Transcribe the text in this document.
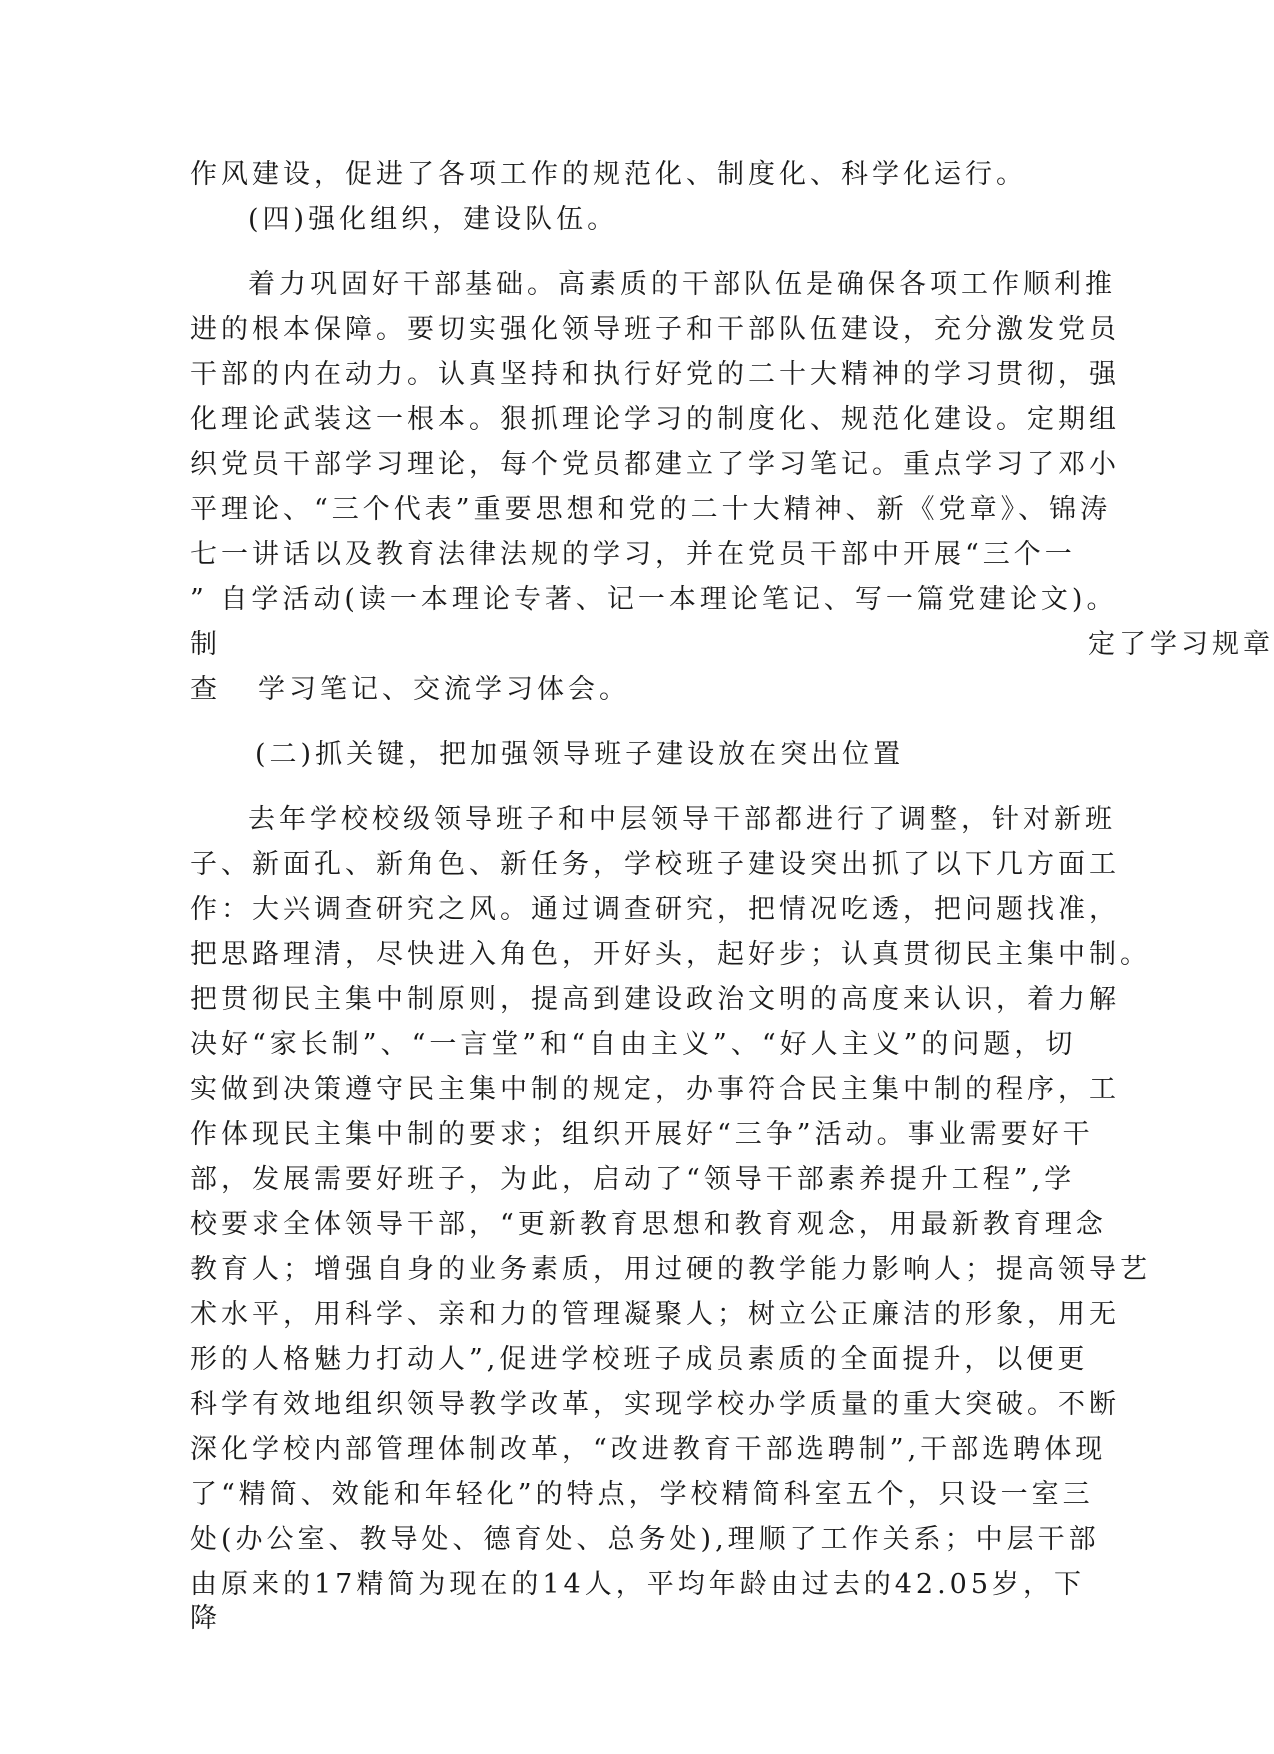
作风建设，促进了各项工作的规范化、制度化、科学化运行。
(四)强化组织，建设队伍。
着力巩固好干部基础。高素质的干部队伍是确保各项工作顺利推
进的根本保障。要切实强化领导班子和干部队伍建设，充分激发党员
干部的内在动力。认真坚持和执行好党的二十大精神的学习贯彻，强
化理论武装这一根本。狠抓理论学习的制度化、规范化建设。定期组
织党员干部学习理论，每个党员都建立了学习笔记。重点学习了邓小
平理论、“三个代表”重要思想和党的二十大精神、新《党章》、锦涛
七一讲话以及教育法律法规的学习，并在党员干部中开展“三个一
” 自学活动(读一本理论专著、记一本理论笔记、写一篇党建论文)。
制	定了学习规章
查 学习笔记、交流学习体会。
(二)抓关键，把加强领导班子建设放在突出位置
去年学校校级领导班子和中层领导干部都进行了调整，针对新班
子、新面孔、新角色、新任务，学校班子建设突出抓了以下几方面工
作：大兴调查研究之风。通过调查研究，把情况吃透，把问题找准，
把思路理清，尽快进入角色，开好头，起好步；认真贯彻民主集中制。
把贯彻民主集中制原则，提高到建设政治文明的高度来认识，着力解
决好“家长制”、“一言堂”和“自由主义”、“好人主义”的问题，切
实做到决策遵守民主集中制的规定，办事符合民主集中制的程序，工
作体现民主集中制的要求；组织开展好“三争”活动。事业需要好干
部，发展需要好班子，为此，启动了“领导干部素养提升工程”,学
校要求全体领导干部，“更新教育思想和教育观念，用最新教育理念
教育人；增强自身的业务素质，用过硬的教学能力影响人；提高领导艺
术水平，用科学、亲和力的管理凝聚人；树立公正廉洁的形象，用无
形的人格魅力打动人”,促进学校班子成员素质的全面提升，以便更
科学有效地组织领导教学改革，实现学校办学质量的重大突破。不断
深化学校内部管理体制改革，“改进教育干部选聘制”,干部选聘体现
了“精简、效能和年轻化”的特点，学校精简科室五个，只设一室三
处(办公室、教导处、德育处、总务处),理顺了工作关系；中层干部
由原来的17精简为现在的14人，平均年龄由过去的42.05岁，下
降
